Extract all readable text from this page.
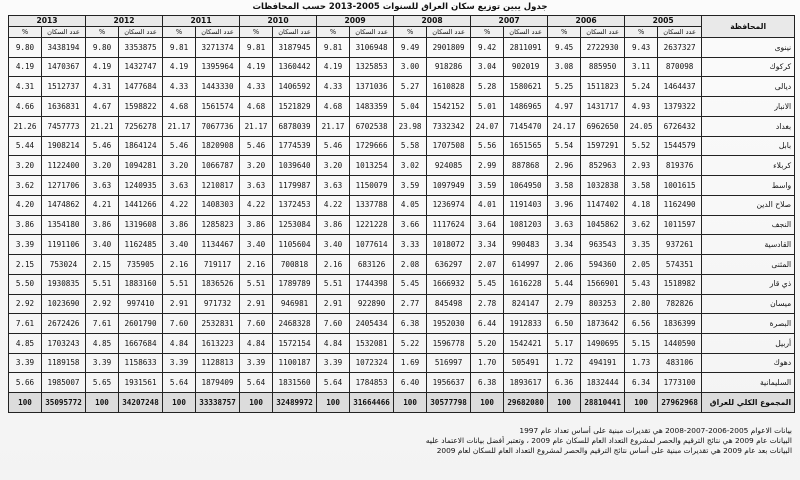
جدول يبين توزيع سكان العراق للسنوات 2005-2013 حسب المحافظات
2013		2012		2011		2010		2009		2008		2007		2006		2005		المحافظة
%	عدد السكان	%	عدد السكان	%	عدد السكان	%	عدد السكان	%	عدد السكان	%	عدد السكان	%	عدد السكان	%	عدد السكان	%	عدد السكان	
9.80	3438194	9.80	3353875	9.81	3271374	9.81	3187945	9.81	3106948	9.49	2901809	9.42	2811091	9.45	2722930	9.43	2637327	نينوى
4.19	1470367	4.19	1432747	4.19	1395964	4.19	1360442	4.19	1325853	3.00	918286	3.04	902019	3.08	885950	3.11	870098	كركوك
4.31	1512737	4.31	1477684	4.33	1443330	4.33	1406592	4.33	1371036	5.27	1610828	5.28	1580621	5.25	1511823	5.24	1464437	ديالى
4.66	1636831	4.67	1598822	4.68	1561574	4.68	1521829	4.68	1483359	5.04	1542152	5.01	1486965	4.97	1431717	4.93	1379322	الانبار
21.26	7457773	21.21	7256278	21.17	7067736	21.17	6878039	21.17	6702538	23.98	7332342	24.07	7145470	24.17	6962650	24.05	6726432	بغداد
5.44	1908214	5.46	1864124	5.46	1820908	5.46	1774539	5.46	1729666	5.58	1707508	5.56	1651565	5.54	1597291	5.52	1544579	بابل
3.20	1122400	3.20	1094281	3.20	1066787	3.20	1039640	3.20	1013254	3.02	924085	2.99	887868	2.96	852963	2.93	819376	كربلاء
3.62	1271706	3.63	1240935	3.63	1210817	3.63	1179987	3.63	1150079	3.59	1097949	3.59	1064950	3.58	1032838	3.58	1001615	واسط
4.20	1474862	4.21	1441266	4.22	1408303	4.22	1372453	4.22	1337788	4.05	1236974	4.01	1191403	3.96	1147402	4.18	1162490	صلاح الدين
3.86	1354180	3.86	1319608	3.86	1285823	3.86	1253084	3.86	1221228	3.66	1117624	3.64	1081203	3.63	1045862	3.62	1011597	النجف
3.39	1191106	3.40	1162485	3.40	1134467	3.40	1105604	3.40	1077614	3.33	1018072	3.34	990483	3.34	963543	3.35	937261	القادسية
2.15	753024	2.15	735905	2.16	719117	2.16	700818	2.16	683126	2.08	636297	2.07	614997	2.06	594360	2.05	574351	المثنى
5.50	1930835	5.51	1883160	5.51	1836526	5.51	1789789	5.51	1744398	5.45	1666932	5.45	1616228	5.44	1566901	5.43	1518982	ذي قار
2.92	1023690	2.92	997410	2.91	971732	2.91	946981	2.91	922890	2.77	845498	2.78	824147	2.79	803253	2.80	782826	ميسان
7.61	2672426	7.61	2601790	7.60	2532831	7.60	2468328	7.60	2405434	6.38	1952030	6.44	1912833	6.50	1873642	6.56	1836399	البصرة
4.85	1703243	4.85	1667684	4.84	1613223	4.84	1572154	4.84	1532081	5.22	1596778	5.20	1542421	5.17	1490695	5.15	1440590	أربيل
3.39	1189158	3.39	1158633	3.39	1128813	3.39	1100187	3.39	1072324	1.69	516997	1.70	505491	1.72	494191	1.73	483106	دهوك
5.66	1985007	5.65	1931561	5.64	1879409	5.64	1831560	5.64	1784853	6.40	1956637	6.38	1893617	6.36	1832444	6.34	1773100	السليمانية
100	35095772	100	34207248	100	33338757	100	32489972	100	31664466	100	30577798	100	29682080	100	28810441	100	27962968	المجموع الكلي للعراق
بيانات الاعوام 2005-2006-2007-2008 هي تقديرات مبنية على أساس تعداد عام 1997
البيانات عام 2009 هي نتائج الترقيم والحصر لمشروع التعداد العام للسكان عام 2009 ، وتعتبر أفضل بيانات الاعتماد عليه
البيانات بعد عام 2009 هي تقديرات مبنية على أساس نتائج الترقيم والحصر لمشروع التعداد العام للسكان لعام 2009
